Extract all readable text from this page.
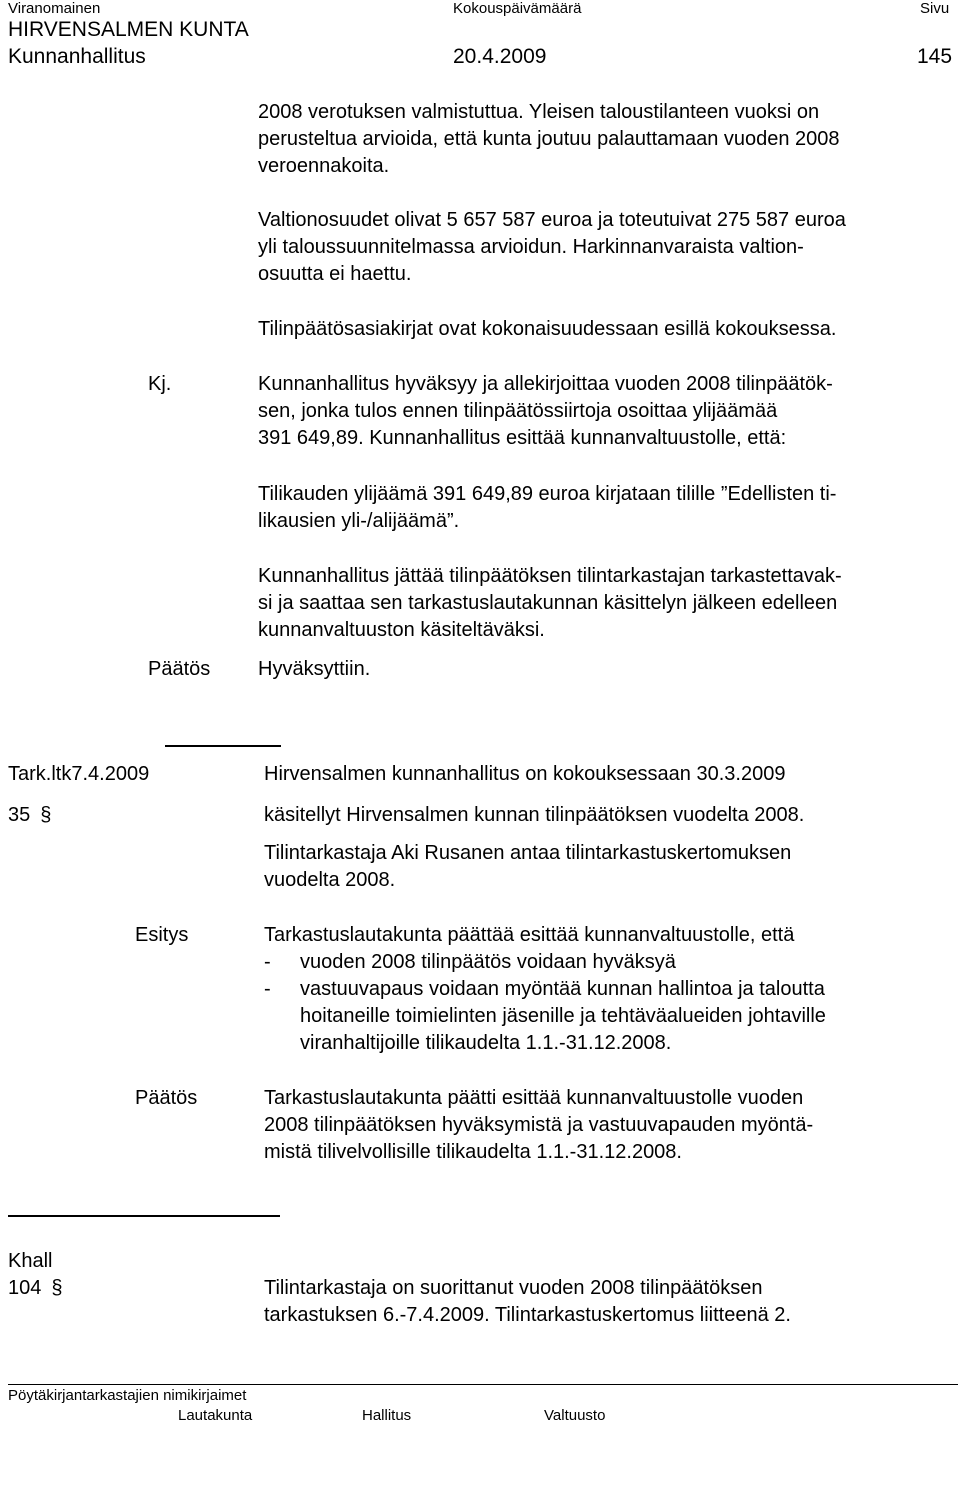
Viranomainen	Kokouspäivämäärä	Sivu
HIRVENSALMEN KUNTA
Kunnanhallitus	20.4.2009	145
2008 verotuksen valmistuttua. Yleisen taloustilanteen vuoksi on
perusteltua arvioida, että kunta joutuu palauttamaan vuoden 2008
veroennakoita.
Valtionosuudet olivat 5 657 587 euroa ja toteutuivat 275 587 euroa
yli taloussuunnitelmassa arvioidun. Harkinnanvaraista valtion-
osuutta ei haettu.
Tilinpäätösasiakirjat ovat kokonaisuudessaan esillä kokouksessa.
Kj.	Kunnanhallitus hyväksyy ja allekirjoittaa vuoden 2008 tilinpäätök-
sen, jonka tulos ennen tilinpäätössiirtoja osoittaa ylijäämää
391 649,89. Kunnanhallitus esittää kunnanvaltuustolle, että:
Tilikauden ylijäämä 391 649,89 euroa kirjataan tilille ”Edellisten ti-
likausien yli-/alijäämä”.
Kunnanhallitus jättää tilinpäätöksen tilintarkastajan tarkastettavak-
si ja saattaa sen tarkastuslautakunnan käsittelyn jälkeen edelleen
kunnanvaltuuston käsiteltäväksi.
Päätös Hyväksyttiin.
Tark.ltk7.4.2009	Hirvensalmen kunnanhallitus on kokouksessaan 30.3.2009
35 §	käsitellyt Hirvensalmen kunnan tilinpäätöksen vuodelta 2008.
Tilintarkastaja Aki Rusanen antaa tilintarkastuskertomuksen
vuodelta 2008.
Esitys	Tarkastuslautakunta päättää esittää kunnanvaltuustolle, että
- vuoden 2008 tilinpäätös voidaan hyväksyä
- vastuuvapaus voidaan myöntää kunnan hallintoa ja taloutta
hoitaneille toimielinten jäsenille ja tehtäväalueiden johtaville
viranhaltijoille tilikaudelta 1.1.-31.12.2008.
Päätös	Tarkastuslautakunta päätti esittää kunnanvaltuustolle vuoden
2008 tilinpäätöksen hyväksymistä ja vastuuvapauden myöntä-
mistä tilivelvollisille tilikaudelta 1.1.-31.12.2008.
Khall
104 §	Tilintarkastaja on suorittanut vuoden 2008 tilinpäätöksen
tarkastuksen 6.-7.4.2009. Tilintarkastuskertomus liitteenä 2.
Pöytäkirjantarkastajien nimikirjaimet
Lautakunta	Hallitus	Valtuusto
